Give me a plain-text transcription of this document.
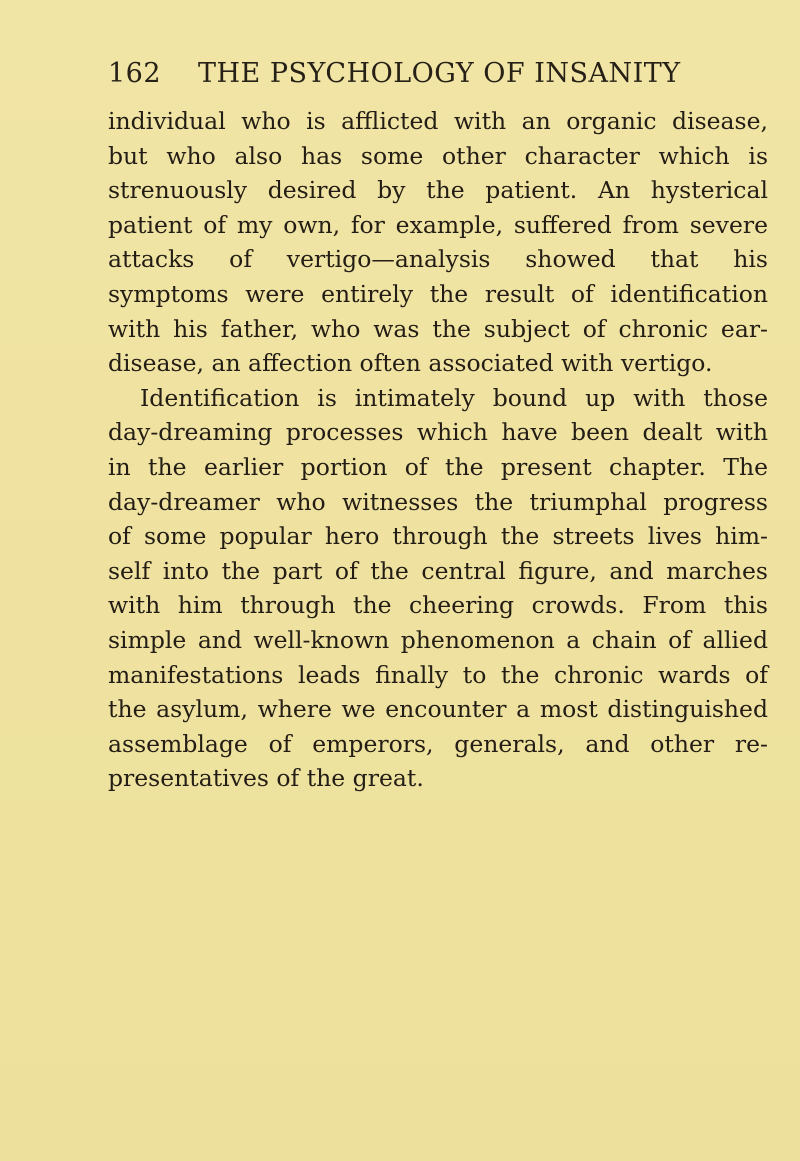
162 THE PSYCHOLOGY OF INSANITY
individual who is afflicted with an organic disease,
but who also has some other character which is
strenuously desired by the patient. An hysterical
patient of my own, for example, suffered from severe
attacks of vertigo—analysis showed that his
symptoms were entirely the result of identification
with his father, who was the subject of chronic ear-
disease, an affection often associated with vertigo.
Identification is intimately bound up with those
day-dreaming processes which have been dealt with
in the earlier portion of the present chapter. The
day-dreamer who witnesses the triumphal progress
of some popular hero through the streets lives him-
self into the part of the central figure, and marches
with him through the cheering crowds. From this
simple and well-known phenomenon a chain of allied
manifestations leads finally to the chronic wards of
the asylum, where we encounter a most distinguished
assemblage of emperors, generals, and other re-
presentatives of the great.
